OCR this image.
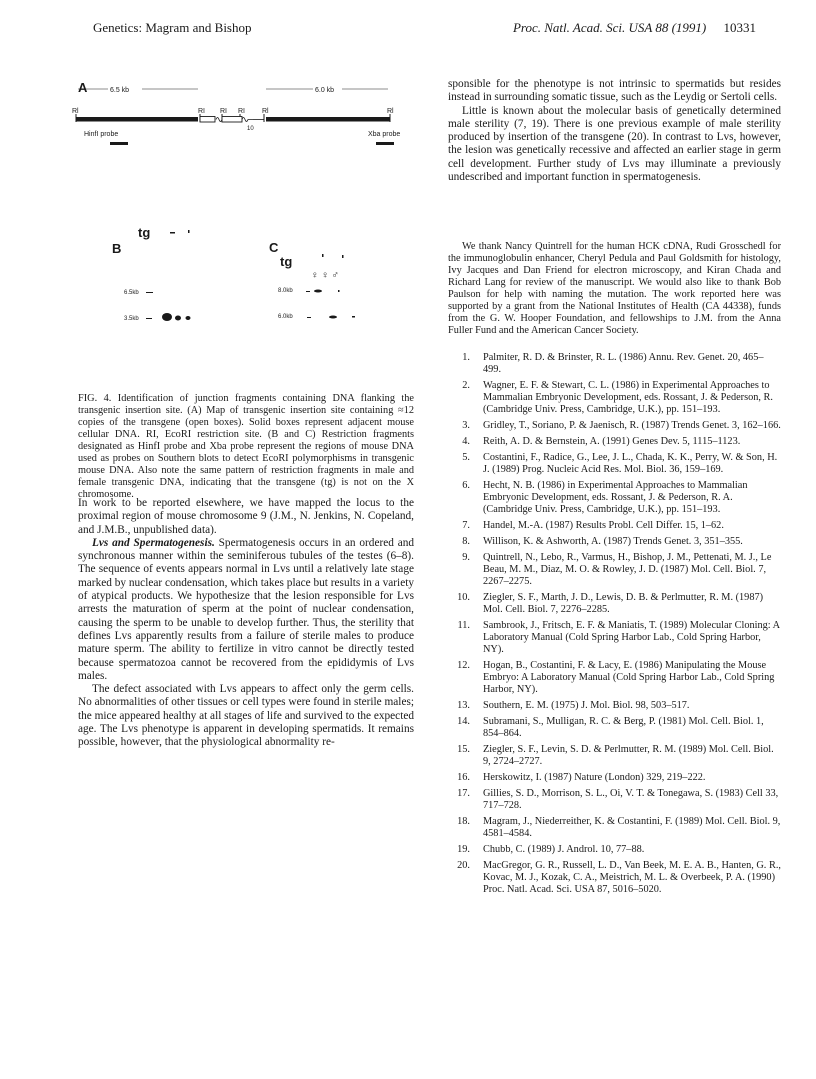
Genetics: Magram and Bishop	Proc. Natl. Acad. Sci. USA 88 (1991) 10331
A
Rl	RI RI RI Rl	Rl
6.5 kb	6.0 kb
10
HinfI probe	Xba probe
B
tg
6.5kb
3.5kb
C
tg
♀ ♀ ♂
8.0kb
6.0kb
FIG. 4. Identification of junction fragments containing DNA flanking the transgenic insertion site. (A) Map of transgenic insertion site containing ≈12 copies of the transgene (open boxes). Solid boxes represent adjacent mouse cellular DNA. RI, EcoRI restriction site. (B and C) Restriction fragments designated as HinfI probe and Xba probe represent the regions of mouse DNA used as probes on Southern blots to detect EcoRI polymorphisms in transgenic mouse DNA. Also note the same pattern of restriction fragments in male and female transgenic DNA, indicating that the transgene (tg) is not on the X chromosome.

In work to be reported elsewhere, we have mapped the locus to the proximal region of mouse chromosome 9 (J.M., N. Jenkins, N. Copeland, and J.M.B., unpublished data).

Lvs and Spermatogenesis. Spermatogenesis occurs in an ordered and synchronous manner within the seminiferous tubules of the testes (6–8). The sequence of events appears normal in Lvs until a relatively late stage marked by nuclear condensation, which takes place but results in a variety of atypical products. We hypothesize that the lesion responsible for Lvs arrests the maturation of sperm at the point of nuclear condensation, causing the sperm to be unable to develop further. Thus, the sterility that defines Lvs apparently results from a failure of sterile males to produce mature sperm. The ability to fertilize in vitro cannot be directly tested because spermatozoa cannot be recovered from the epididymis of Lvs males.

The defect associated with Lvs appears to affect only the germ cells. No abnormalities of other tissues or cell types were found in sterile males; the mice appeared healthy at all stages of life and survived to the expected age. The Lvs phenotype is apparent in developing spermatids. It remains possible, however, that the physiological abnormality re-

sponsible for the phenotype is not intrinsic to spermatids but resides instead in surrounding somatic tissue, such as the Leydig or Sertoli cells.

Little is known about the molecular basis of genetically determined male sterility (7, 19). There is one previous example of male sterility produced by insertion of the transgene (20). In contrast to Lvs, however, the lesion was genetically recessive and affected an earlier stage in germ cell development. Further study of Lvs may illuminate a previously undescribed and important function in spermatogenesis.

We thank Nancy Quintrell for the human HCK cDNA, Rudi Grosschedl for the immunoglobulin enhancer, Cheryl Pedula and Paul Goldsmith for histology, Ivy Jacques and Dan Friend for electron microscopy, and Kiran Chada and Richard Lang for review of the manuscript. We would also like to thank Bob Paulson for help with naming the mutation. The work reported here was supported by a grant from the National Institutes of Health (CA 44338), funds from the G. W. Hooper Foundation, and fellowships to J.M. from the Anna Fuller Fund and the American Cancer Society.

1. Palmiter, R. D. & Brinster, R. L. (1986) Annu. Rev. Genet. 20, 465–499.
2. Wagner, E. F. & Stewart, C. L. (1986) in Experimental Approaches to Mammalian Embryonic Development, eds. Rossant, J. & Pederson, R. (Cambridge Univ. Press, Cambridge, U.K.), pp. 151–193.
3. Gridley, T., Soriano, P. & Jaenisch, R. (1987) Trends Genet. 3, 162–166.
4. Reith, A. D. & Bernstein, A. (1991) Genes Dev. 5, 1115–1123.
5. Costantini, F., Radice, G., Lee, J. L., Chada, K. K., Perry, W. & Son, H. J. (1989) Prog. Nucleic Acid Res. Mol. Biol. 36, 159–169.
6. Hecht, N. B. (1986) in Experimental Approaches to Mammalian Embryonic Development, eds. Rossant, J. & Pederson, R. A. (Cambridge Univ. Press, Cambridge, U.K.), pp. 151–193.
7. Handel, M.-A. (1987) Results Probl. Cell Differ. 15, 1–62.
8. Willison, K. & Ashworth, A. (1987) Trends Genet. 3, 351–355.
9. Quintrell, N., Lebo, R., Varmus, H., Bishop, J. M., Pettenati, M. J., Le Beau, M. M., Diaz, M. O. & Rowley, J. D. (1987) Mol. Cell. Biol. 7, 2267–2275.
10. Ziegler, S. F., Marth, J. D., Lewis, D. B. & Perlmutter, R. M. (1987) Mol. Cell. Biol. 7, 2276–2285.
11. Sambrook, J., Fritsch, E. F. & Maniatis, T. (1989) Molecular Cloning: A Laboratory Manual (Cold Spring Harbor Lab., Cold Spring Harbor, NY).
12. Hogan, B., Costantini, F. & Lacy, E. (1986) Manipulating the Mouse Embryo: A Laboratory Manual (Cold Spring Harbor Lab., Cold Spring Harbor, NY).
13. Southern, E. M. (1975) J. Mol. Biol. 98, 503–517.
14. Subramani, S., Mulligan, R. C. & Berg, P. (1981) Mol. Cell. Biol. 1, 854–864.
15. Ziegler, S. F., Levin, S. D. & Perlmutter, R. M. (1989) Mol. Cell. Biol. 9, 2724–2727.
16. Herskowitz, I. (1987) Nature (London) 329, 219–222.
17. Gillies, S. D., Morrison, S. L., Oi, V. T. & Tonegawa, S. (1983) Cell 33, 717–728.
18. Magram, J., Niederreither, K. & Costantini, F. (1989) Mol. Cell. Biol. 9, 4581–4584.
19. Chubb, C. (1989) J. Androl. 10, 77–88.
20. MacGregor, G. R., Russell, L. D., Van Beek, M. E. A. B., Hanten, G. R., Kovac, M. J., Kozak, C. A., Meistrich, M. L. & Overbeek, P. A. (1990) Proc. Natl. Acad. Sci. USA 87, 5016–5020.
